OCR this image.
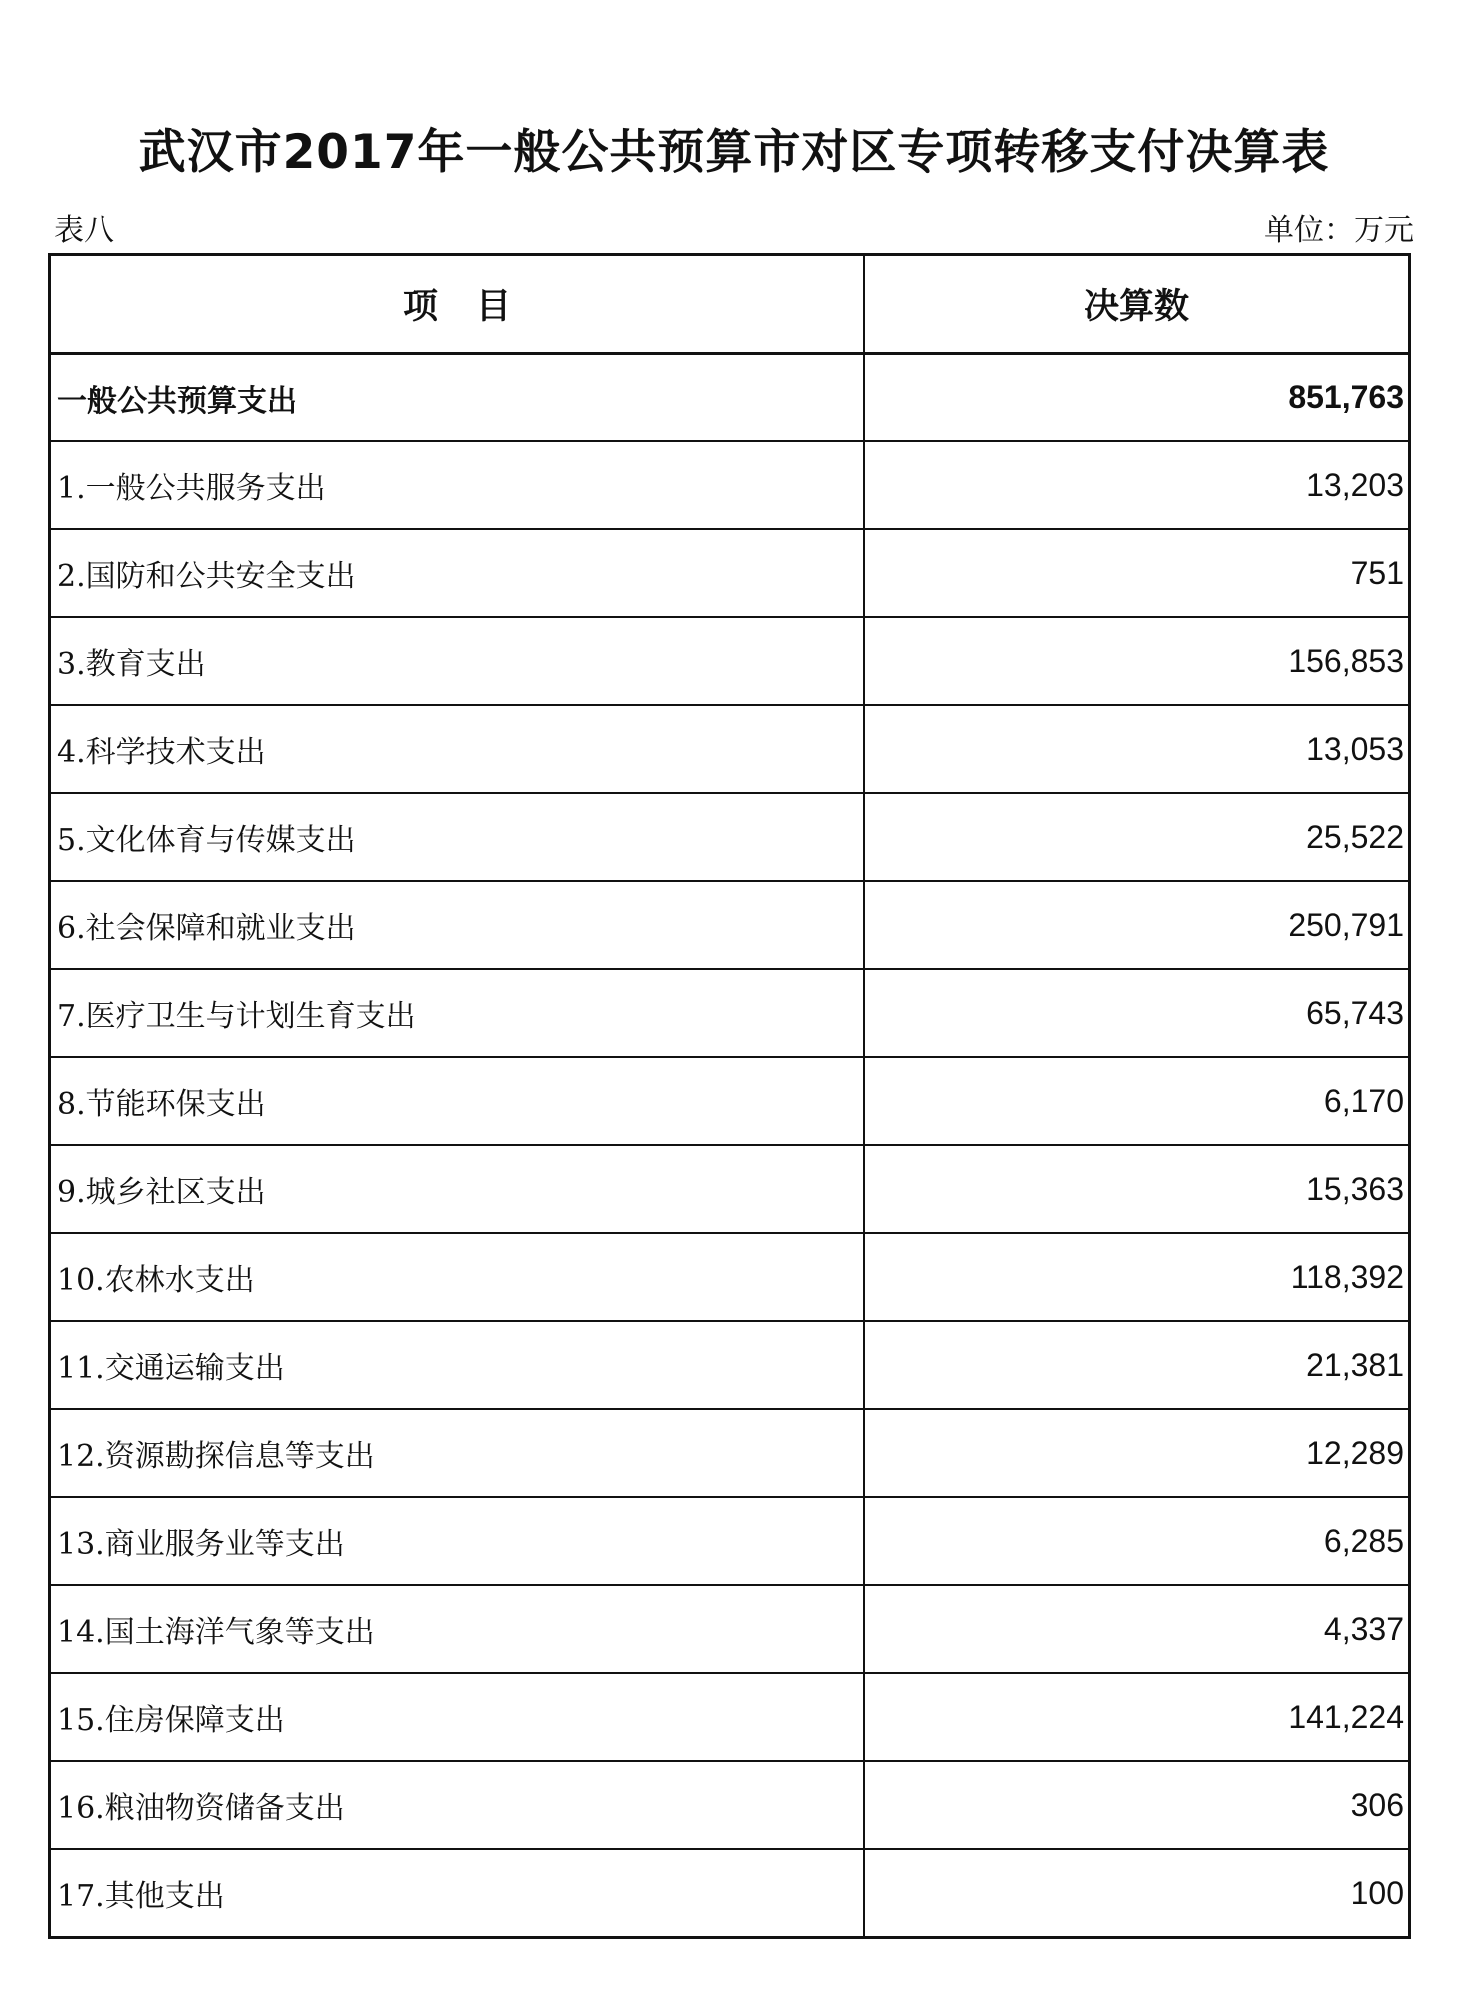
武汉市2017年一般公共预算市对区专项转移支付决算表
表八	单位：万元
项目	决算数
一般公共预算支出	851,763
1.一般公共服务支出	13,203
2.国防和公共安全支出	751
3.教育支出	156,853
4.科学技术支出	13,053
5.文化体育与传媒支出	25,522
6.社会保障和就业支出	250,791
7.医疗卫生与计划生育支出	65,743
8.节能环保支出	6,170
9.城乡社区支出	15,363
10.农林水支出	118,392
11.交通运输支出	21,381
12.资源勘探信息等支出	12,289
13.商业服务业等支出	6,285
14.国土海洋气象等支出	4,337
15.住房保障支出	141,224
16.粮油物资储备支出	306
17.其他支出	100
